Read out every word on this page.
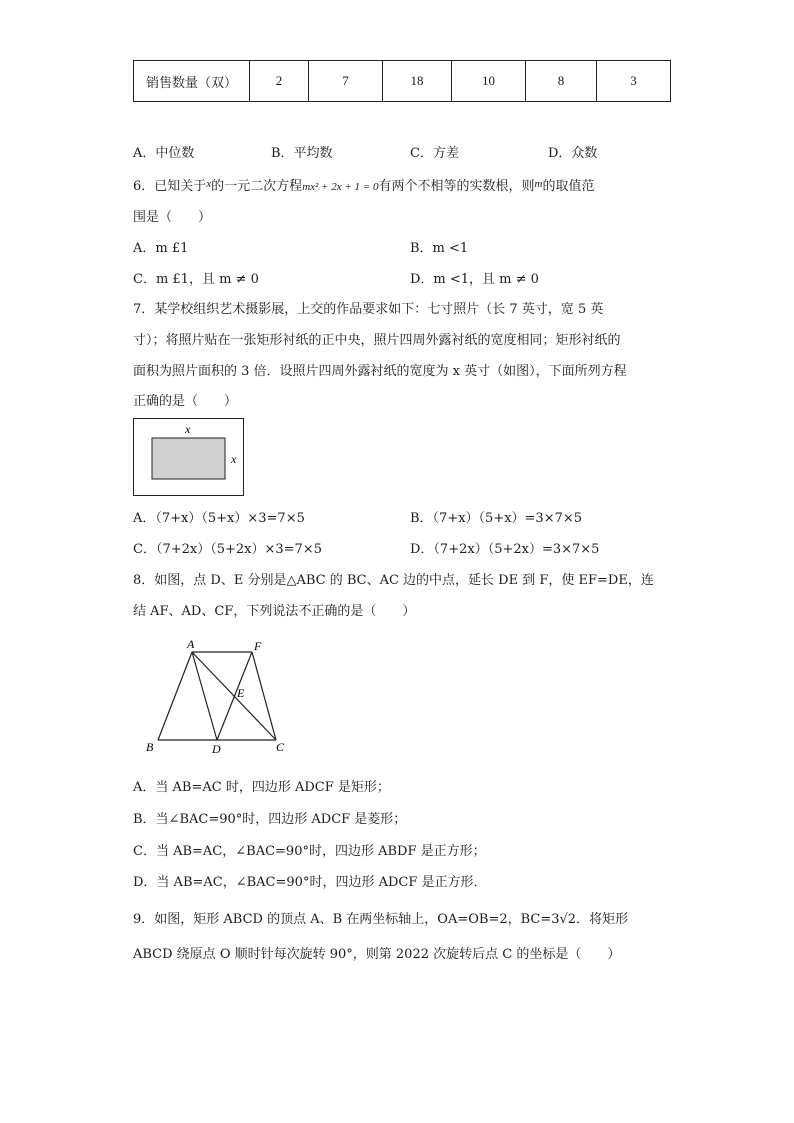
销售数量（双）	2	7	18	10	8	3
A．中位数	B．平均数	C．方差	D．众数
6．已知关于$^x$的一元二次方程mx² + 2x + 1 = 0有两个不相等的实数根，则$^m$的取值范
围是（　　）
A．m £1	B．m <1
C．m £1，且 m ≠ 0	D．m <1，且 m ≠ 0
7．某学校组织艺术摄影展，上交的作品要求如下：七寸照片（长 7 英寸，宽 5 英
寸）；将照片贴在一张矩形衬纸的正中央，照片四周外露衬纸的宽度相同；矩形衬纸的
面积为照片面积的 3 倍．设照片四周外露衬纸的宽度为 x 英寸（如图），下面所列方程
正确的是（　　）
x
x
A．（7+x）（5+x）×3=7×5	B．（7+x）（5+x）=3×7×5
C．（7+2x）（5+2x）×3=7×5	D．（7+2x）（5+2x）=3×7×5
8．如图，点 D、E 分别是△ABC 的 BC、AC 边的中点，延长 DE 到 F，使 EF=DE，连
结 AF、AD、CF，下列说法不正确的是（　　）
A	F
E
B	D	C
A．当 AB=AC 时，四边形 ADCF 是矩形；
B．当∠BAC=90°时，四边形 ADCF 是菱形；
C．当 AB=AC，∠BAC=90°时，四边形 ABDF 是正方形；
D．当 AB=AC，∠BAC=90°时，四边形 ADCF 是正方形．
9．如图，矩形 ABCD 的顶点 A、B 在两坐标轴上，OA=OB=2，BC=3√2．将矩形
ABCD 绕原点 O 顺时针每次旋转 90°，则第 2022 次旋转后点 C 的坐标是（　　）
